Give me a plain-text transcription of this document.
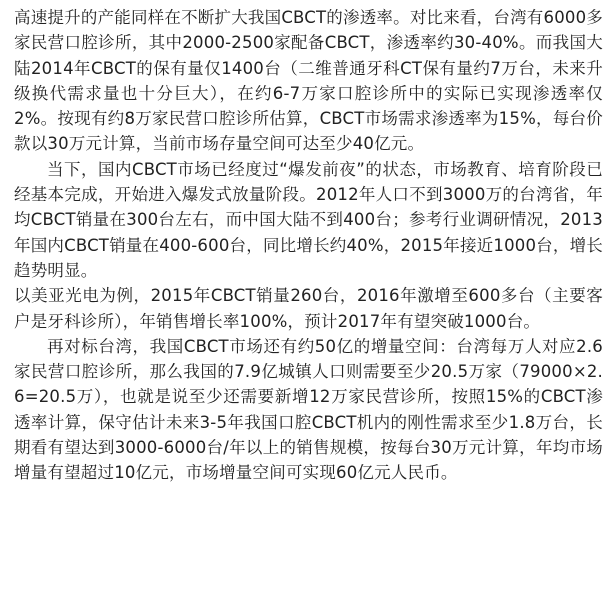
高速提升的产能同样在不断扩大我国CBCT的渗透率。对比来看，台湾有6000多家民营口腔诊所，其中2000-2500家配备CBCT，渗透率约30-40%。而我国大陆2014年CBCT的保有量仅1400台（二维普通牙科CT保有量约7万台，未来升级换代需求量也十分巨大），在约6-7万家口腔诊所中的实际已实现渗透率仅2%。按现有约8万家民营口腔诊所估算，CBCT市场需求渗透率为15%，每台价款以30万元计算，当前市场存量空间可达至少40亿元。

当下，国内CBCT市场已经度过“爆发前夜”的状态，市场教育、培育阶段已经基本完成，开始进入爆发式放量阶段。2012年人口不到3000万的台湾省，年均CBCT销量在300台左右，而中国大陆不到400台；参考行业调研情况，2013年国内CBCT销量在400-600台，同比增长约40%，2015年接近1000台，增长趋势明显。

以美亚光电为例，2015年CBCT销量260台，2016年激增至600多台（主要客户是牙科诊所），年销售增长率100%，预计2017年有望突破1000台。

再对标台湾，我国CBCT市场还有约50亿的增量空间：台湾每万人对应2.6家民营口腔诊所，那么我国的7.9亿城镇人口则需要至少20.5万家（79000×2.6=20.5万），也就是说至少还需要新增12万家民营诊所，按照15%的CBCT渗透率计算，保守估计未来3-5年我国口腔CBCT机内的刚性需求至少1.8万台，长期看有望达到3000-6000台/年以上的销售规模，按每台30万元计算，年均市场增量有望超过10亿元，市场增量空间可实现60亿元人民币。
